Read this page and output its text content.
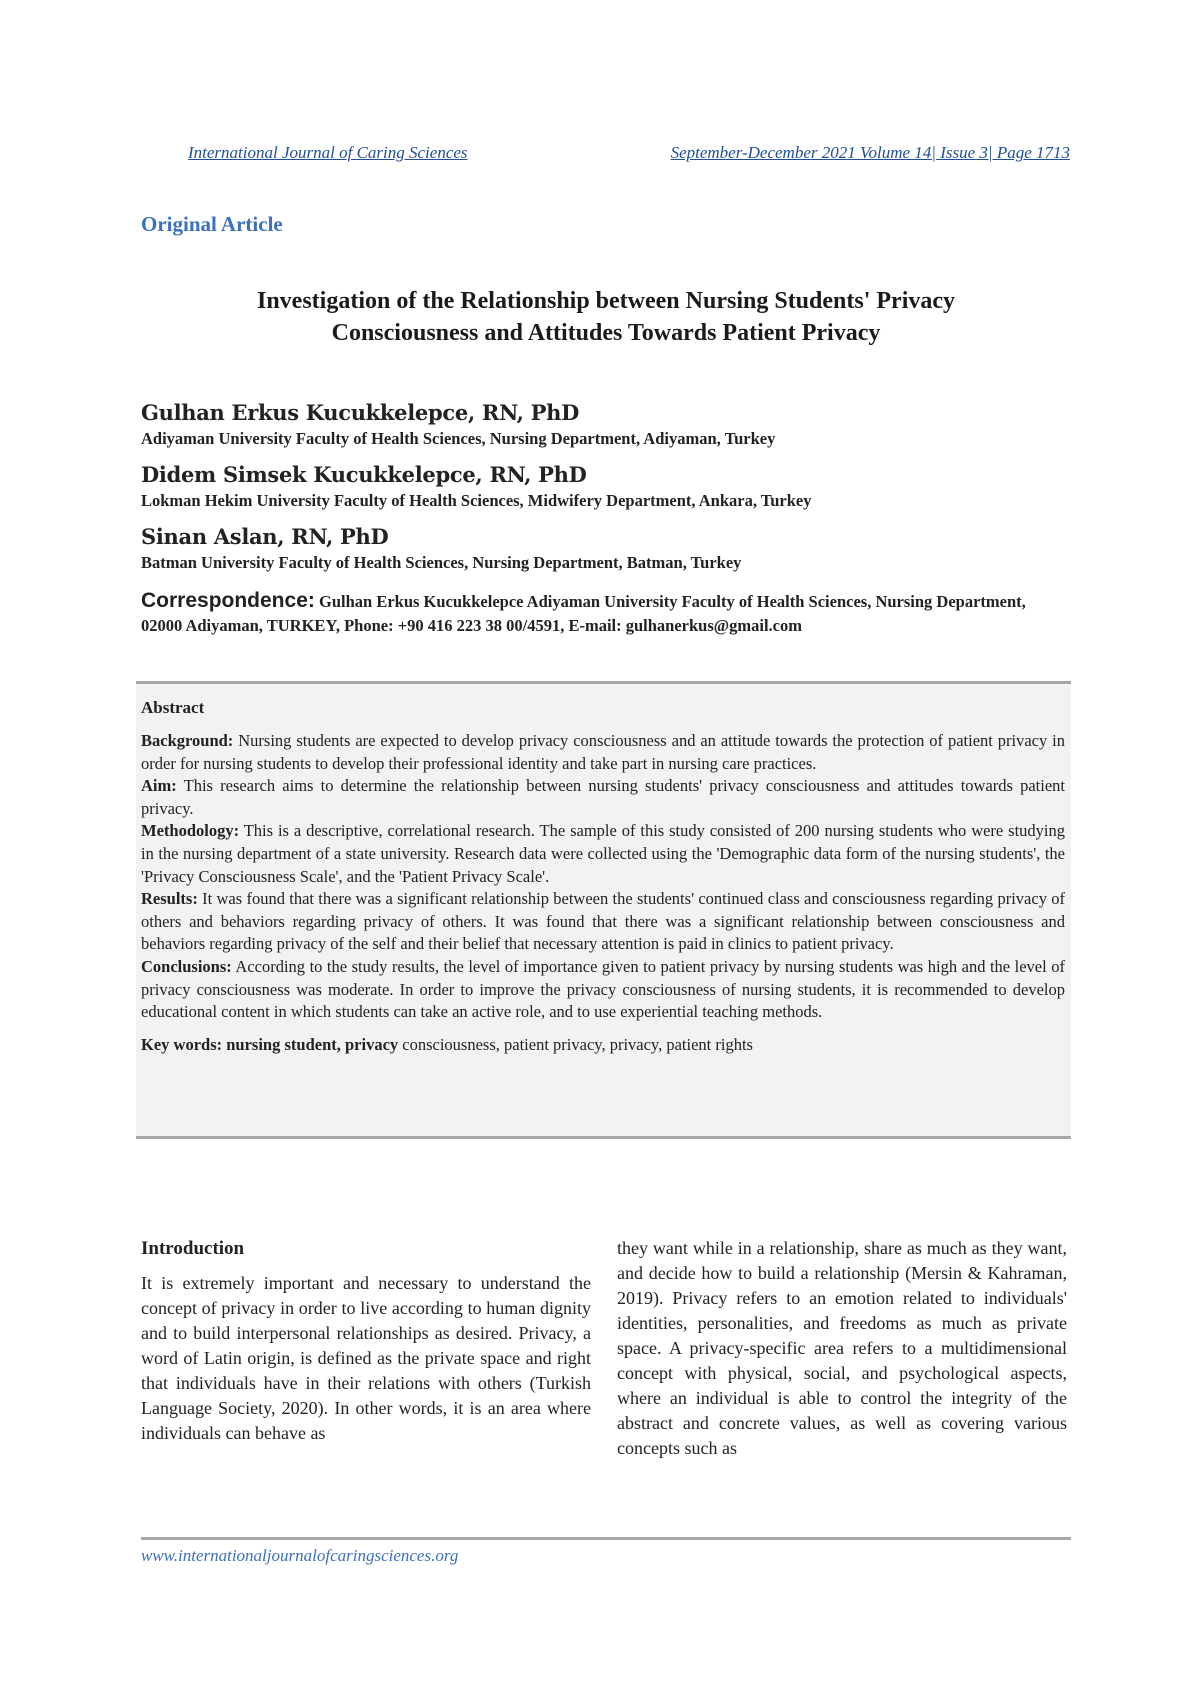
International Journal of Caring Sciences	September-December 2021 Volume 14| Issue 3| Page 1713
Original Article
Investigation of the Relationship between Nursing Students' Privacy
Consciousness and Attitudes Towards Patient Privacy
Gulhan Erkus Kucukkelepce, RN, PhD
Adiyaman University Faculty of Health Sciences, Nursing Department, Adiyaman, Turkey
Didem Simsek Kucukkelepce, RN, PhD
Lokman Hekim University Faculty of Health Sciences, Midwifery Department, Ankara, Turkey
Sinan Aslan, RN, PhD
Batman University Faculty of Health Sciences, Nursing Department, Batman, Turkey
Correspondence: Gulhan Erkus Kucukkelepce Adiyaman University Faculty of Health Sciences, Nursing Department, 02000 Adiyaman, TURKEY, Phone: +90 416 223 38 00/4591, E-mail: gulhanerkus@gmail.com
Abstract

Background: Nursing students are expected to develop privacy consciousness and an attitude towards the protection of patient privacy in order for nursing students to develop their professional identity and take part in nursing care practices.

Aim: This research aims to determine the relationship between nursing students' privacy consciousness and attitudes towards patient privacy.

Methodology: This is a descriptive, correlational research. The sample of this study consisted of 200 nursing students who were studying in the nursing department of a state university. Research data were collected using the 'Demographic data form of the nursing students', the 'Privacy Consciousness Scale', and the 'Patient Privacy Scale'.

Results: It was found that there was a significant relationship between the students' continued class and consciousness regarding privacy of others and behaviors regarding privacy of others. It was found that there was a significant relationship between consciousness and behaviors regarding privacy of the self and their belief that necessary attention is paid in clinics to patient privacy.

Conclusions: According to the study results, the level of importance given to patient privacy by nursing students was high and the level of privacy consciousness was moderate. In order to improve the privacy consciousness of nursing students, it is recommended to develop educational content in which students can take an active role, and to use experiential teaching methods.

Key words: nursing student, privacy consciousness, patient privacy, privacy, patient rights

Introduction

It is extremely important and necessary to understand the concept of privacy in order to live according to human dignity and to build interpersonal relationships as desired. Privacy, a word of Latin origin, is defined as the private space and right that individuals have in their relations with others (Turkish Language Society, 2020). In other words, it is an area where individuals can behave as

they want while in a relationship, share as much as they want, and decide how to build a relationship (Mersin & Kahraman, 2019). Privacy refers to an emotion related to individuals' identities, personalities, and freedoms as much as private space. A privacy-specific area refers to a multidimensional concept with physical, social, and psychological aspects, where an individual is able to control the integrity of the abstract and concrete values, as well as covering various concepts such as

www.internationaljournalofcaringsciences.org
